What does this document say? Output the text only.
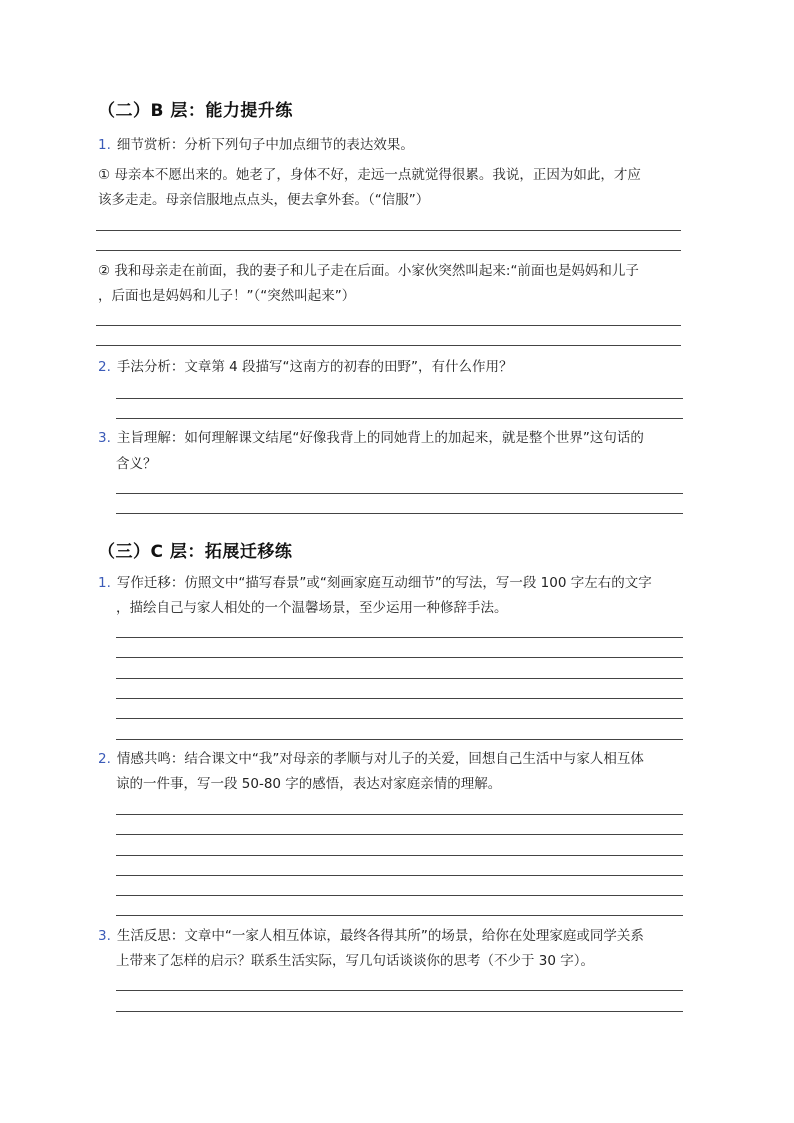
（二）B 层：能力提升练
1. 细节赏析：分析下列句子中加点细节的表达效果。
① 母亲本不愿出来的。她老了，身体不好，走远一点就觉得很累。我说，正因为如此，才应
该多走走。母亲信服地点点头，便去拿外套。（“信服”）
② 我和母亲走在前面，我的妻子和儿子走在后面。小家伙突然叫起来:“前面也是妈妈和儿子
，后面也是妈妈和儿子！”（“突然叫起来”）
2. 手法分析：文章第 4 段描写“这南方的初春的田野”，有什么作用？
3. 主旨理解：如何理解课文结尾“好像我背上的同她背上的加起来，就是整个世界”这句话的
含义？
（三）C 层：拓展迁移练
1. 写作迁移：仿照文中“描写春景”或“刻画家庭互动细节”的写法，写一段 100 字左右的文字
，描绘自己与家人相处的一个温馨场景，至少运用一种修辞手法。
2. 情感共鸣：结合课文中“我”对母亲的孝顺与对儿子的关爱，回想自己生活中与家人相互体
谅的一件事，写一段 50-80 字的感悟，表达对家庭亲情的理解。
3. 生活反思：文章中“一家人相互体谅，最终各得其所”的场景，给你在处理家庭或同学关系
上带来了怎样的启示？联系生活实际，写几句话谈谈你的思考（不少于 30 字）。
